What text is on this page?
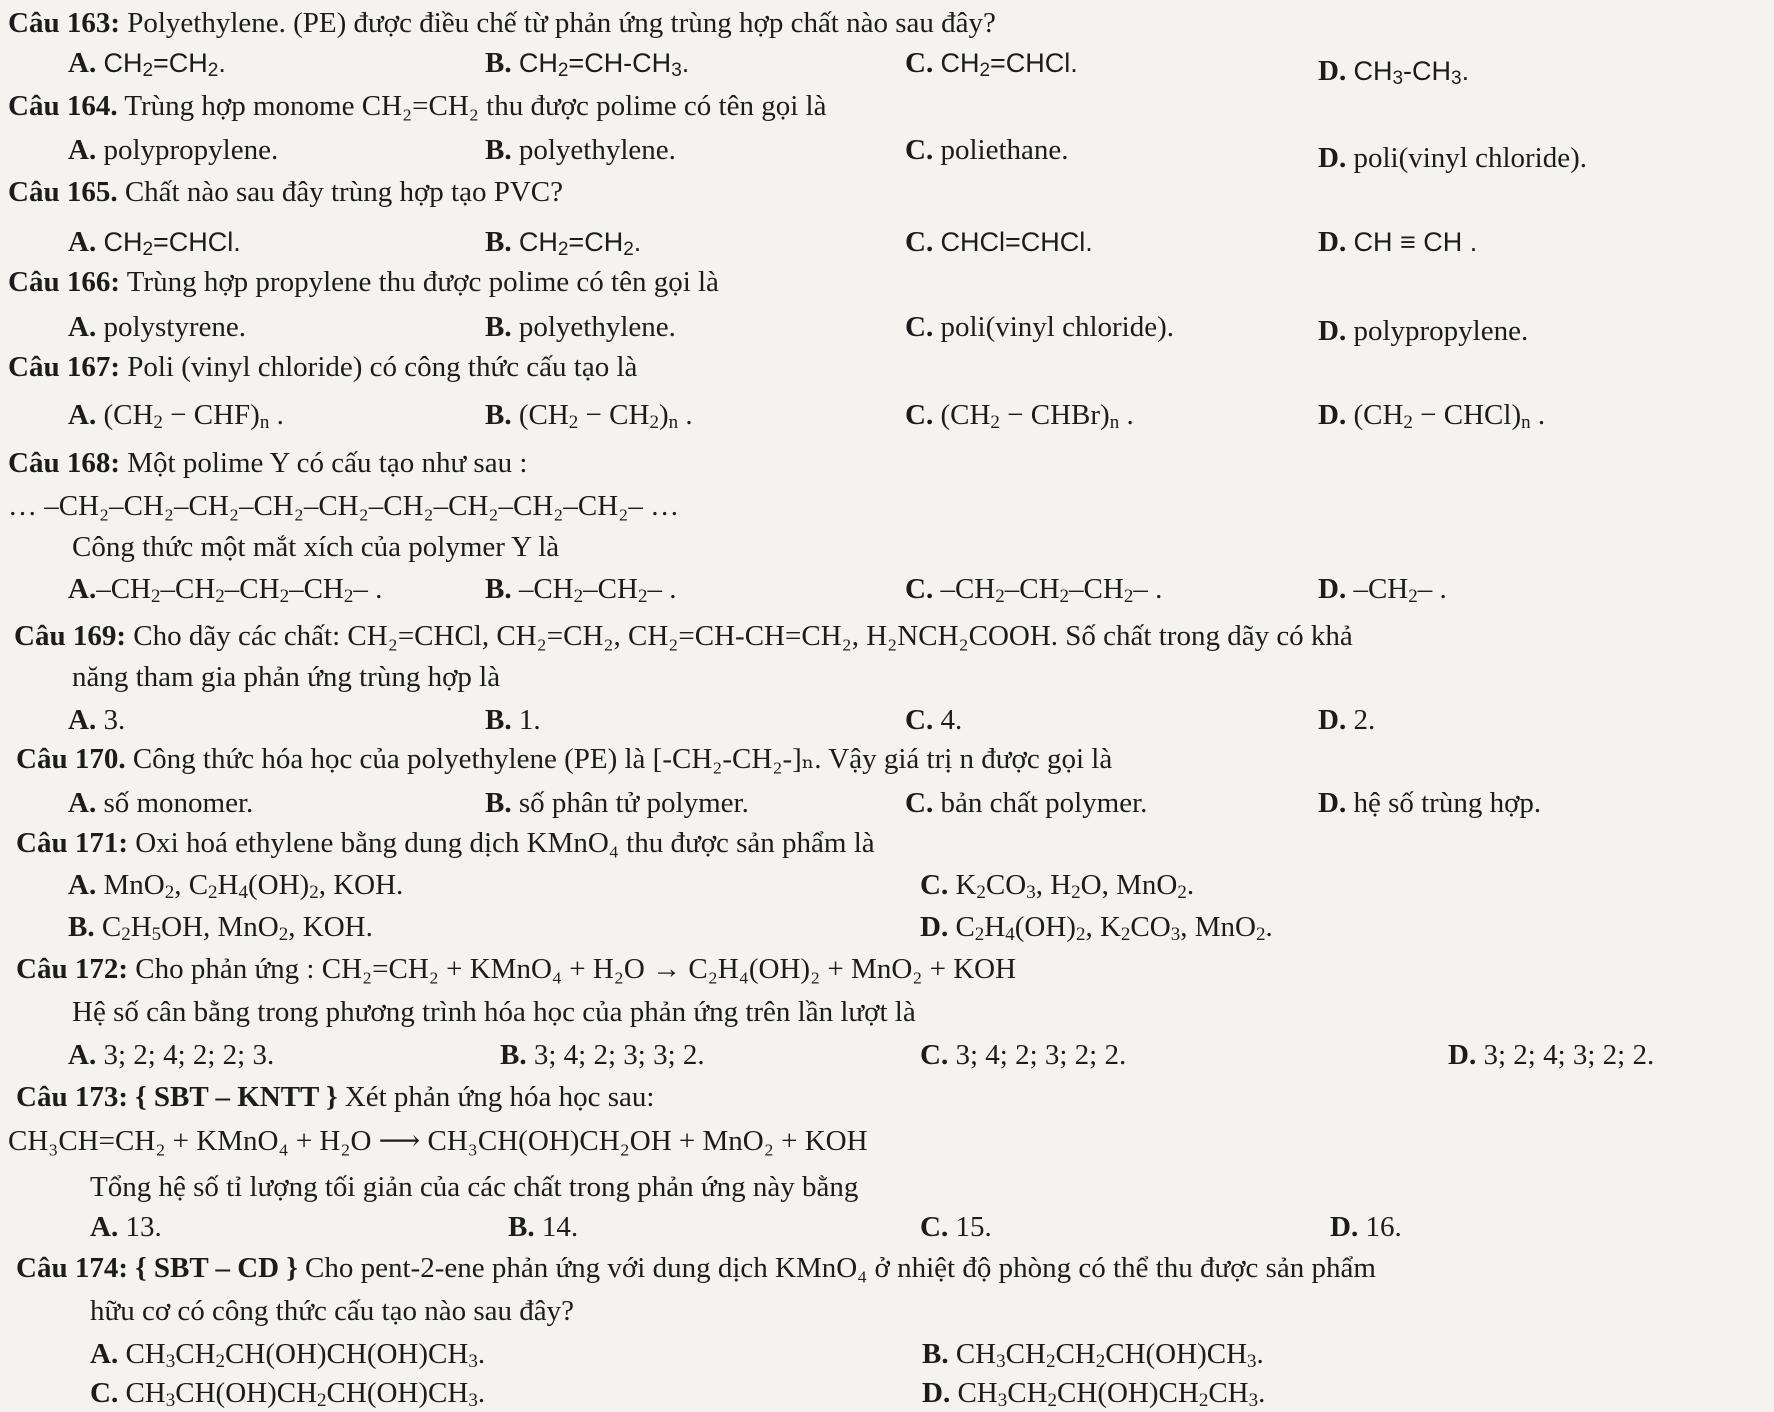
Câu 163: Polyethylene. (PE) được điều chế từ phản ứng trùng hợp chất nào sau đây?
A. $CH_2=CH_2$.	B. $CH_2=CH-CH_3$.	C. $CH_2=CHCl$.	D. $CH_3-CH_3$.
Câu 164. Trùng hợp monome CH₂=CH₂ thu được polime có tên gọi là
A. polypropylene.	B. polyethylene.	C. poliethane.	D. poli(vinyl chloride).
Câu 165. Chất nào sau đây trùng hợp tạo PVC?
A. $CH_2=CHCl$.	B. $CH_2=CH_2$.	C. CHCl=CHCl.	D. CH ≡ CH .
Câu 166: Trùng hợp propylene thu được polime có tên gọi là
A. polystyrene.	B. polyethylene.	C. poli(vinyl chloride).	D. polypropylene.
Câu 167: Poli (vinyl chloride) có công thức cấu tạo là
A. $(CH_2 - CHF)_n$ .	B. $(CH_2 - CH_2)_n$ .	C. ($CH_2$ − $CHBr)_n$ .	D. ($CH_2$ − $CHCl)_n$ .
Câu 168: Một polime Y có cấu tạo như sau :
… –CH₂–CH₂–CH₂–CH₂–CH₂–CH₂–CH₂–CH₂–CH₂– …
Công thức một mắt xích của polymer Y là
$A.-CH_2-CH_2-CH_2-CH_2-$ .	B. $-CH_2-CH_2-$ .	C. $-CH_2-CH_2-CH_2-$ .	D. $-CH_2-$ .
Câu 169: Cho dãy các chất: CH₂=CHCl, CH₂=CH₂, CH₂=CH-CH=CH₂, H₂NCH₂COOH. Số chất trong dãy có khả
năng tham gia phản ứng trùng hợp là
A. 3.	B. 1.	C. 4.	D. 2.
Câu 170. Công thức hóa học của polyethylene (PE) là [-CH₂-CH₂-]ₙ. Vậy giá trị n được gọi là
A. số monomer.	B. số phân tử polymer.	C. bản chất polymer.	D. hệ số trùng hợp.
Câu 171: Oxi hoá ethylene bằng dung dịch KMnO₄ thu được sản phẩm là
A. MnO$_2$, $C_2H_4(OH)_2$, KOH.	C. $K_2CO_3$, $H_2O$, MnO$_2$.
B. $C_2H_5OH$, MnO$_2$, KOH.	D. $C_2H_4(OH)_2$, $K_2CO_3$, MnO$_2$.
Câu 172: Cho phản ứng : CH₂=CH₂ + KMnO₄ + H₂O → C₂H₄(OH)₂ + MnO₂ + KOH
Hệ số cân bằng trong phương trình hóa học của phản ứng trên lần lượt là
A. 3; 2; 4; 2; 2; 3.	B. 3; 4; 2; 3; 3; 2.	C. 3; 4; 2; 3; 2; 2.	D. 3; 2; 4; 3; 2; 2.
Câu 173: { SBT – KNTT } Xét phản ứng hóa học sau:
CH₃CH=CH₂ + KMnO₄ + H₂O ⟶ CH₃CH(OH)CH₂OH + MnO₂ + KOH
Tổng hệ số tỉ lượng tối giản của các chất trong phản ứng này bằng
A. 13.	B. 14.	C. 15.	D. 16.
Câu 174: { SBT – CD } Cho pent-2-ene phản ứng với dung dịch KMnO₄ ở nhiệt độ phòng có thể thu được sản phẩm
hữu cơ có công thức cấu tạo nào sau đây?
A. $CH_3CH_2CH(OH)CH(OH)CH_3$.	B. $CH_3CH_2CH_2CH(OH)CH_3$.
C. $CH_3CH(OH)CH_2CH(OH)CH_3$.	D. $CH_3CH_2CH(OH)CH_2CH_3$.
